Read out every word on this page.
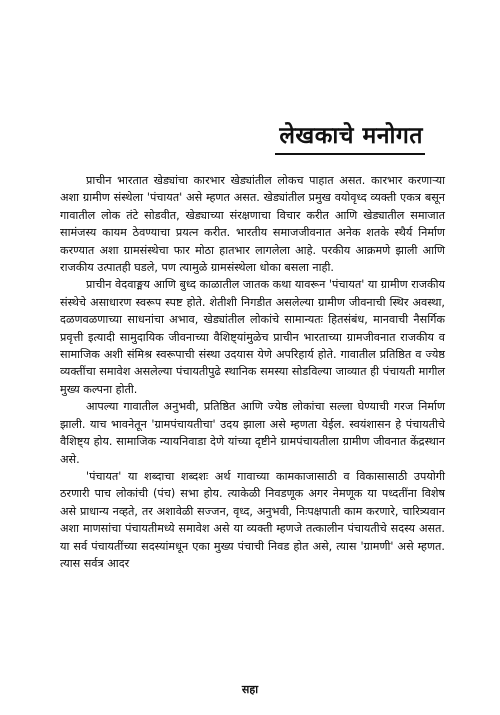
लेखकाचे मनोगत

प्राचीन भारतात खेड्यांचा कारभार खेड्यांतील लोकच पाहात असत. कारभार करणाऱ्या अशा ग्रामीण संस्थेला 'पंचायत' असे म्हणत असत. खेड्यांतील प्रमुख वयोवृध्द व्यक्ती एकत्र बसून गावातील लोक तंटे सोडवीत, खेड्याच्या संरक्षणाचा विचार करीत आणि खेड्यातील समाजात सामंजस्य कायम ठेवण्याचा प्रयत्न करीत. भारतीय समाजजीवनात अनेक शतके स्थैर्य निर्माण करण्यात अशा ग्रामसंस्थेचा फार मोठा हातभार लागलेला आहे. परकीय आक्रमणे झाली आणि राजकीय उत्पातही घडले, पण त्यामुळे ग्रामसंस्थेला धोका बसला नाही.

प्राचीन वेदवाङ्मय आणि बुध्द काळातील जातक कथा यावरून 'पंचायत' या ग्रामीण राजकीय संस्थेचे असाधारण स्वरूप स्पष्ट होते. शेतीशी निगडीत असलेल्या ग्रामीण जीवनाची स्थिर अवस्था, दळणवळणाच्या साधनांचा अभाव, खेड्यांतील लोकांचे सामान्यतः हितसंबंध, मानवाची नैसर्गिक प्रवृत्ती इत्यादी सामुदायिक जीवनाच्या वैशिष्ट्यांमुळेच प्राचीन भारताच्या ग्रामजीवनात राजकीय व सामाजिक अशी संमिश्र स्वरूपाची संस्था उदयास येणे अपरिहार्य होते. गावातील प्रतिष्ठित व ज्येष्ठ व्यक्तींचा समावेश असलेल्या पंचायतीपुढे स्थानिक समस्या सोडविल्या जाव्यात ही पंचायती मागील मुख्य कल्पना होती.

आपल्या गावातील अनुभवी, प्रतिष्ठित आणि ज्येष्ठ लोकांचा सल्ला घेण्याची गरज निर्माण झाली. याच भावनेतून 'ग्रामपंचायतीचा' उदय झाला असे म्हणता येईल. स्वयंशासन हे पंचायतीचे वैशिष्ट्य होय. सामाजिक न्यायनिवाडा देणे यांच्या दृष्टीने ग्रामपंचायतीला ग्रामीण जीवनात केंद्रस्थान असे.

'पंचायत' या शब्दाचा शब्दशः अर्थ गावाच्या कामकाजासाठी व विकासासाठी उपयोगी ठरणारी पाच लोकांची (पंच) सभा होय. त्याकेळी निवडणूक अगर नेमणूक या पध्दतींना विशेष असे प्राधान्य नव्हते, तर अशावेळी सज्जन, वृध्द, अनुभवी, निःपक्षपाती काम करणारे, चारित्र्यवान अशा माणसांचा पंचायतीमध्ये समावेश असे या व्यक्ती म्हणजे तत्कालीन पंचायतीचे सदस्य असत. या सर्व पंचायतींच्या सदस्यांमधून एका मुख्य पंचाची निवड होत असे, त्यास 'ग्रामणी' असे म्हणत. त्यास सर्वत्र आदर

सहा
